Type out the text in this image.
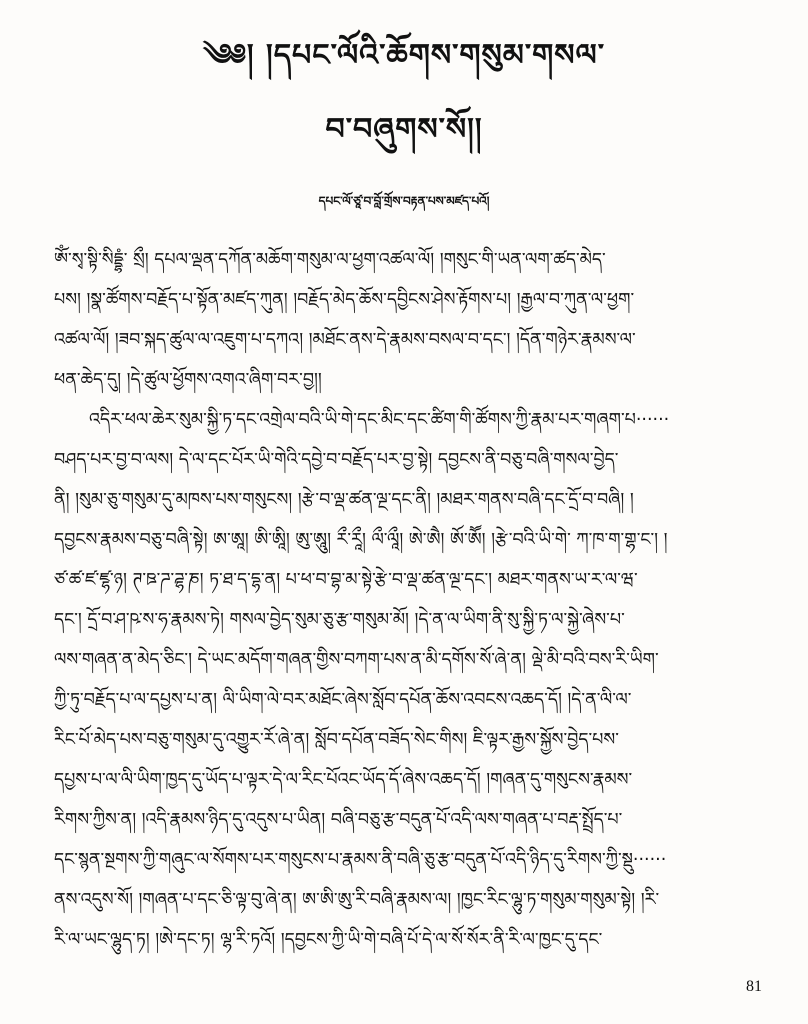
༄༅། །དཔང་ལོའི་ཆོགས་གསུམ་གསལ་
བ་བཞུགས་སོ།།
དཔང་ལོ་ཙཱ་བ་བློ་གྲོས་བརྟན་པས་མཛད་པའོ།
ཨོཾ་སྭ་སྟི་སིདྡྷཾ་ སྲྀ། དཔལ་ལྡན་དཀོན་མཆོག་གསུམ་ལ་ཕྱག་འཚལ་ལོ། །གསུང་གི་ཡན་ལག་ཚད་མེད་
པས། །སྣ་ཚོགས་བརྗོད་པ་སྟོན་མཛད་ཀུན། །བརྗོད་མེད་ཆོས་དབྱིངས་ཤེས་རྟོགས་པ། །རྒྱལ་བ་ཀུན་ལ་ཕྱག་
འཚལ་ལོ། །ཟབ་སྐད་ཚུལ་ལ་འཇུག་པ་དཀའ། །མཐོང་ནས་དེ་རྣམས་བསལ་བ་དང་། །དོན་གཉེར་རྣམས་ལ་
ཕན་ཆེད་དུ། །དེ་ཚུལ་ཕྱོགས་འགའ་ཞིག་བར་བྱ།།
　　འདིར་ཕལ་ཆེར་སུམ་སྐྱི་ཏ་དང་འགྲེལ་བའི་ཡི་གེ་དང་མིང་དང་ཚིག་གི་ཚོགས་ཀྱི་རྣམ་པར་གཞག་པ······
བཤད་པར་བྱ་བ་ལས། དེ་ལ་དང་པོར་ཡི་གེའི་དབྱེ་བ་བརྗོད་པར་བྱ་སྟེ། དབྱངས་ནི་བཅུ་བཞི་གསལ་བྱེད་
ནི། །སུམ་ཅུ་གསུམ་དུ་མཁས་པས་གསུངས། །རྩེ་བ་ལྡ་ཚན་ལྔ་དང་ནི། །མཐར་གནས་བཞི་དང་དྲོ་བ་བཞི། །
དབྱངས་རྣམས་བཅུ་བཞི་སྟེ། ཨ་ཨཱ། ཨི་ཨཱི། ཨུ་ཨཱུ། རྀ་རཱྀ། ལྀ་ལཱྀ། ཨེ་ཨཻ། ཨོ་ཨཽ། །རྩེ་བའི་ཡི་གེ་ ཀ་ཁ་ག་གྷ་ང་། །
ཙ་ཚ་ཛ་ཛྷ་ཉ། ཊ་ཋ་ཌ་ཌྷ་ཎ། ཏ་ཐ་ད་དྷ་ན། པ་ཕ་བ་བྷ་མ་སྟེ་རྩེ་བ་ལྡ་ཚན་ལྔ་དང་། མཐར་གནས་ཡ་ར་ལ་ཝ་
དང་། དྲོ་བ་ཤ་ཥ་ས་ཧ་རྣམས་ཏེ། གསལ་བྱེད་སུམ་ཅུ་རྩ་གསུམ་མོ། །དེ་ན་ལ་ཡིག་ནི་སུ་སྐྱི་ཏ་ལ་སྐྱེ་ཞེས་པ་
ལས་གཞན་ན་མེད་ཅིང་། དེ་ཡང་མདོག་གཞན་གྱིས་བཀག་པས་ན་མི་དགོས་སོ་ཞེ་ན། ལྡེ་མི་བའི་བས་རི་ཡིག་
ཀྱི་ཏུ་བརྗོད་པ་ལ་དཔྱས་པ་ན། ལི་ཡིག་ལེ་བར་མཐོང་ཞེས་སློབ་དཔོན་ཆོས་འབངས་འཆད་དོ། །དེ་ན་ལི་ལ་
རིང་པོ་མེད་པས་བཅུ་གསུམ་དུ་འགྱུར་རོ་ཞེ་ན། སློབ་དཔོན་བཟོད་སེང་གིས། ཇི་ལྟར་རྒྱས་སྐྱོས་བྱེད་པས་
དཔྱས་པ་ལ་ལི་ཡིག་ཁྱད་དུ་ཡོད་པ་ལྟར་དེ་ལ་རིང་པོའང་ཡོད་དོ་ཞེས་འཆད་དོ། །གཞན་དུ་གསུངས་རྣམས་
རིགས་ཀྱིས་ན། །འདི་རྣམས་ཉིད་དུ་འདུས་པ་ཡིན། བཞི་བཅུ་རྩ་བདུན་པོ་འདི་ལས་གཞན་པ་བརྡ་སྤྲོད་པ་
དང་སྙན་སྔགས་ཀྱི་གཞུང་ལ་སོགས་པར་གསུངས་པ་རྣམས་ནི་བཞི་ཅུ་རྩ་བདུན་པོ་འདི་ཉིད་དུ་རིགས་ཀྱི་སྡུ······
ནས་འདུས་སོ། །གཞན་པ་དང་ཅི་ལྟ་བུ་ཞེ་ན། ཨ་ཨི་ཨུ་རི་བཞི་རྣམས་ལ། །ཁྱང་རིང་ལྷུ་ཏ་གསུམ་གསུམ་སྟེ། །རི་
རི་ལ་ཡང་ལྷུད་ཏ། །ཨེ་དང་ཏ། ལྷ་རི་ཏའོ། །དབྱངས་ཀྱི་ཡི་གེ་བཞི་པོ་དེ་ལ་སོ་སོར་ནི་རི་ལ་ཁྱང་དུ་དང་
81
